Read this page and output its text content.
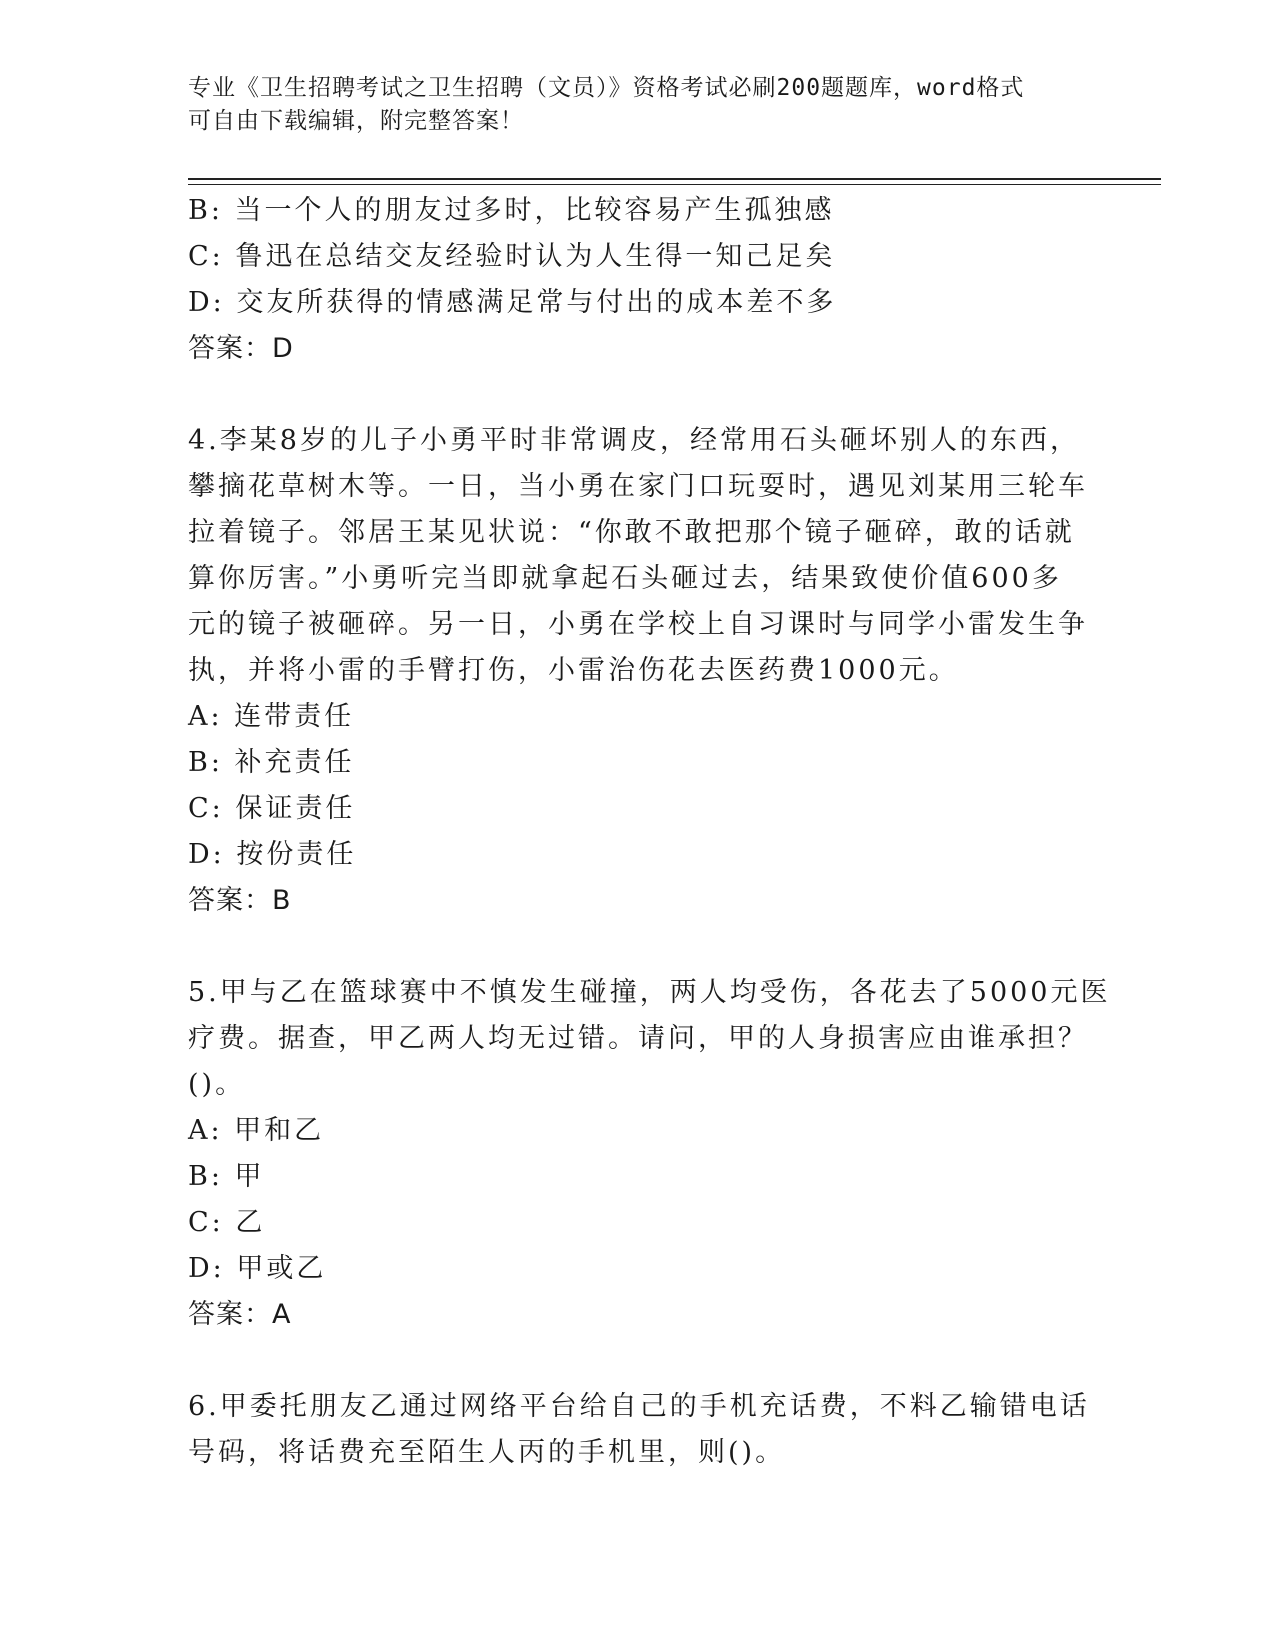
专业《卫生招聘考试之卫生招聘（文员）》资格考试必刷200题题库，word格式
可自由下载编辑，附完整答案！
B: 当一个人的朋友过多时，比较容易产生孤独感
C: 鲁迅在总结交友经验时认为人生得一知己足矣
D: 交友所获得的情感满足常与付出的成本差不多
答案：D
4.李某8岁的儿子小勇平时非常调皮，经常用石头砸坏别人的东西，
攀摘花草树木等。一日，当小勇在家门口玩耍时，遇见刘某用三轮车
拉着镜子。邻居王某见状说：“你敢不敢把那个镜子砸碎，敢的话就
算你厉害。”小勇听完当即就拿起石头砸过去，结果致使价值600多
元的镜子被砸碎。另一日，小勇在学校上自习课时与同学小雷发生争
执，并将小雷的手臂打伤，小雷治伤花去医药费1000元。
A: 连带责任
B: 补充责任
C: 保证责任
D: 按份责任
答案：B
5.甲与乙在篮球赛中不慎发生碰撞，两人均受伤，各花去了5000元医
疗费。据查，甲乙两人均无过错。请问，甲的人身损害应由谁承担？
()。
A: 甲和乙
B: 甲
C: 乙
D: 甲或乙
答案：A
6.甲委托朋友乙通过网络平台给自己的手机充话费，不料乙输错电话
号码，将话费充至陌生人丙的手机里，则()。
